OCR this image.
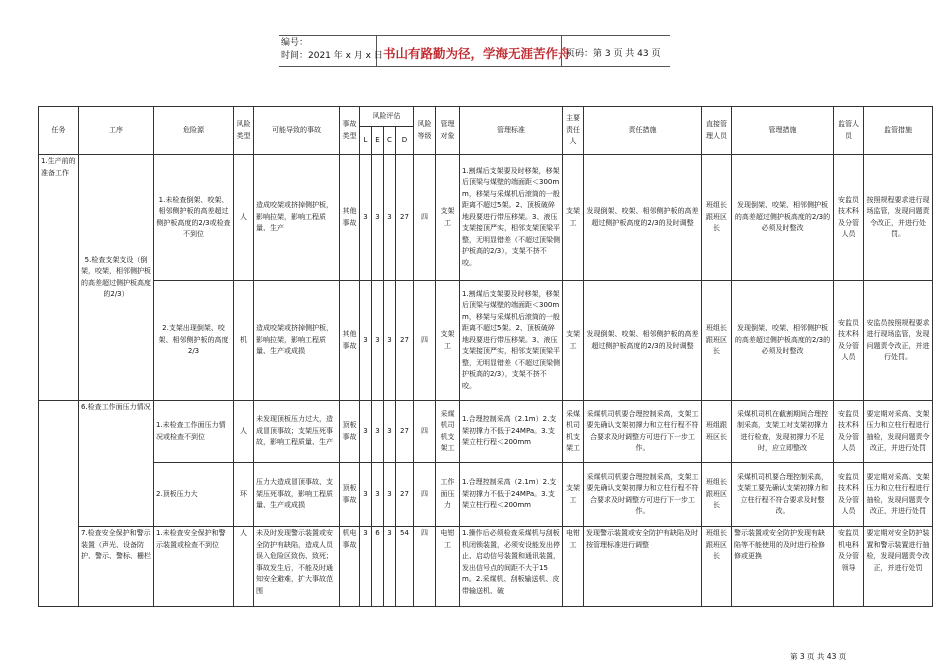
编号：
时间：2021 年 x 月 x 日 书山有路勤为径，学海无涯苦作舟
页码：第 3 页 共 43 页
任务	工序	危险源	风险类型	可能导致的事故	事故类型	风险评估				风险等级	管理对象	管理标准	主要责任人	责任措施	直接管理人员	管理措施	监管人员	监管措施
						L	E	C	D									
1.生产前的准备工作	5.检查支架支设（倒架，咬架，相邻侧护板的高差超过侧护板高度的2/3）	1.未检查倒架、咬架、相邻侧护板的高差超过侧护板高度的2/3或检查不到位	人	造成咬架或挤掉侧护板，影响拉架，影响工程质量、生产	其他事故	3	3	3	27	四	支架工	1.割煤后支架要及时移架，移架后顶梁与煤壁的端面距＜300mm，移架与采煤机后滚筒的一般距离不超过5架。2、顶板破碎地段要进行带压移架。3、液压支架接顶严实，相邻支架顶梁平整，无明显错差（不超过顶梁侧护板高的2/3），支架不挤不咬。	支架工	发现倒架、咬架、相邻侧护板的高差超过侧护板高度的2/3的及时调整	班组长跟班区长	发现倒架、咬架、相邻侧护板的高差超过侧护板高度的2/3的必须及时整改	安监员技术科及分管人员	按照规程要求进行现场监管，发现问题责令改正，并进行处罚。
		2.支架出现倒架、咬架、相邻侧护板的高度2/3	机	造成咬架或挤掉侧护板，影响拉架，影响工程质量、生产或成损	其他事故	3	3	3	27	四	支架工	1.割煤后支架要及时移架，移架后顶梁与煤壁的端面距＜300mm，移架与采煤机后滚筒的一般距离不超过5架。2、顶板破碎地段要进行带压移架。3、液压支架接顶严实，相邻支架顶梁平整，无明显错差（不超过顶梁侧护板高的2/3），支架不挤不咬。	支架工	发现倒架、咬架、相邻侧护板的高差超过侧护板高度的2/3的及时调整	班组长跟班区长	发现倒架、咬架、相邻侧护板的高差超过侧护板高度的2/3的必须及时整改	安监员技术科及分管人员	安监员按照规程要求进行现场监管，发现问题责令改正，并进行处罚。
	6.检查工作面压力情况	1.未检查工作面压力情况或检查不到位	人	未发现顶板压力过大，造成冒顶事故；支架压死事故，影响工程质量、生产	顶板事故	3	3	3	27	四	采煤机司机支架工	1.合理控制采高（2.1m）2.支架初撑力不低于24MPa。3.支架立柱行程＜200mm	采煤机司机支架工	采煤机司机要合理控制采高，支架工要先确认支架初撑力和立柱行程不符合要求及时调整方可进行下一步工作。	班组跟班区长	采煤机司机在截割期间合理控制采高，支架工对支架初撑力进行检查，发现初撑力不足时，应立即整改	安监员技术科及分管人员	要定期对采高、支架压力和立柱行程进行抽检，发现问题责令改正，并进行处罚
		2.顶板压力大	环	压力大造成冒顶事故、支架压死事故，影响工程质量、生产或成损	顶板事故	3	3	3	27	四	工作面压力	1.合理控制采高（2.1m）2.支架初撑力不低于24MPa。3.支架立柱行程＜200mm	支架工	采煤机司机要合理控制采高，支架工要先确认支架初撑力和立柱行程不符合要求及时调整方可进行下一步工作。	班组长跟班区长	采煤机司机要合理控制采高，支架工要先确认支架初撑力和立柱行程不符合要求及时整改。	安监员技术科及分管人员	要定期对采高、支架压力和立柱行程进行抽检，发现问题责令改正，并进行处罚
	7.检查安全保护和警示装置（声光、设备防护、警示、警标、栅栏	1.未检查安全保护和警示装置或检查不到位	人	未及时发现警示装置或安全防护有缺陷，造成人员误入危险区致伤、致死；事故发生后，不能及时通知安全避难，扩大事故范围	机电事故	3	6	3	54	四	电钳工	1.操作后必须检查采煤机与刮板机闭锁装置，必须安设能发出停止、启动信号装置和通讯装置，发出信号点的间距不大于15m。2.采煤机、刮板输送机、皮带输送机、破	电钳工	发现警示装置或安全防护有缺陷及时按管理标准进行调整	班组长跟班区长	警示装置或安全防护发现有缺陷等不能使用的及时进行检修修或更换	安监员机电科及分管领导	要定期对安全防护装置和警示装置进行抽检，发现问题责令改正，并进行处罚
第 3 页 共 43 页
